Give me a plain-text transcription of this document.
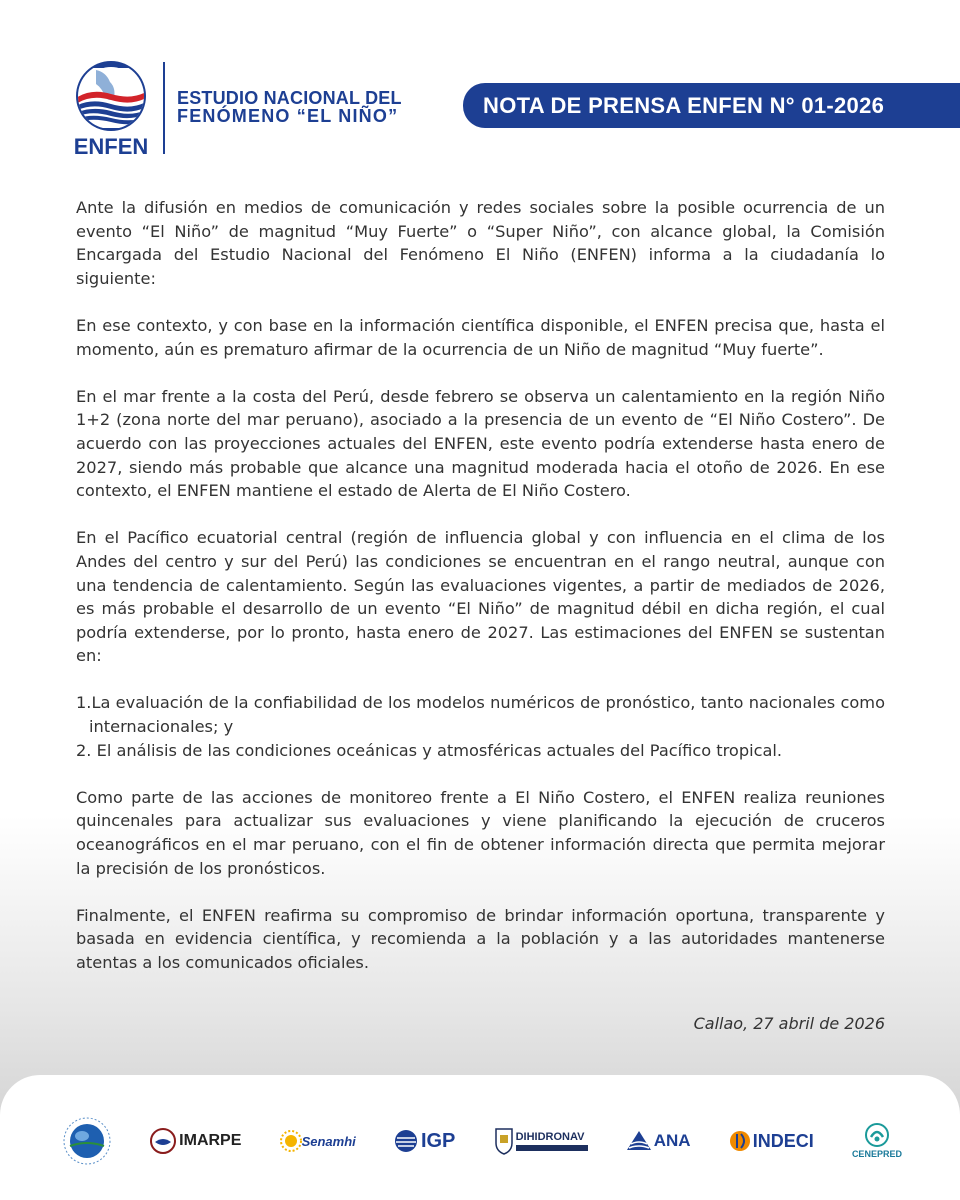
ENFEN
ESTUDIO NACIONAL DEL
FENÓMENO “EL NIÑO”	NOTA DE PRENSA ENFEN N° 01-2026

Ante la difusión en medios de comunicación y redes sociales sobre la posible ocurrencia de un evento “El Niño” de magnitud “Muy Fuerte” o “Super Niño”, con alcance global, la Comisión Encargada del Estudio Nacional del Fenómeno El Niño (ENFEN) informa a la ciudadanía lo siguiente:

En ese contexto, y con base en la información científica disponible, el ENFEN precisa que, hasta el momento, aún es prematuro afirmar de la ocurrencia de un Niño de magnitud “Muy fuerte”.

En el mar frente a la costa del Perú, desde febrero se observa un calentamiento en la región Niño 1+2 (zona norte del mar peruano), asociado a la presencia de un evento de “El Niño Costero”. De acuerdo con las proyecciones actuales del ENFEN, este evento podría extenderse hasta enero de 2027, siendo más probable que alcance una magnitud moderada hacia el otoño de 2026. En ese contexto, el ENFEN mantiene el estado de Alerta de El Niño Costero.

En el Pacífico ecuatorial central (región de influencia global y con influencia en el clima de los Andes del centro y sur del Perú) las condiciones se encuentran en el rango neutral, aunque con una tendencia de calentamiento. Según las evaluaciones vigentes, a partir de mediados de 2026, es más probable el desarrollo de un evento “El Niño” de magnitud débil en dicha región, el cual podría extenderse, por lo pronto, hasta enero de 2027. Las estimaciones del ENFEN se sustentan en:

1.La evaluación de la confiabilidad de los modelos numéricos de pronóstico, tanto nacionales como internacionales; y
2. El análisis de las condiciones oceánicas y atmosféricas actuales del Pacífico tropical.

Como parte de las acciones de monitoreo frente a El Niño Costero, el ENFEN realiza reuniones quincenales para actualizar sus evaluaciones y viene planificando la ejecución de cruceros oceanográficos en el mar peruano, con el fin de obtener información directa que permita mejorar la precisión de los pronósticos.

Finalmente, el ENFEN reafirma su compromiso de brindar información oportuna, transparente y basada en evidencia científica, y recomienda a la población y a las autoridades mantenerse atentas a los comunicados oficiales.

Callao, 27 abril de 2026
IMARPE	Senamhi	IGP	DIHIDRONAV	ANA	INDECI
CENEPRED
